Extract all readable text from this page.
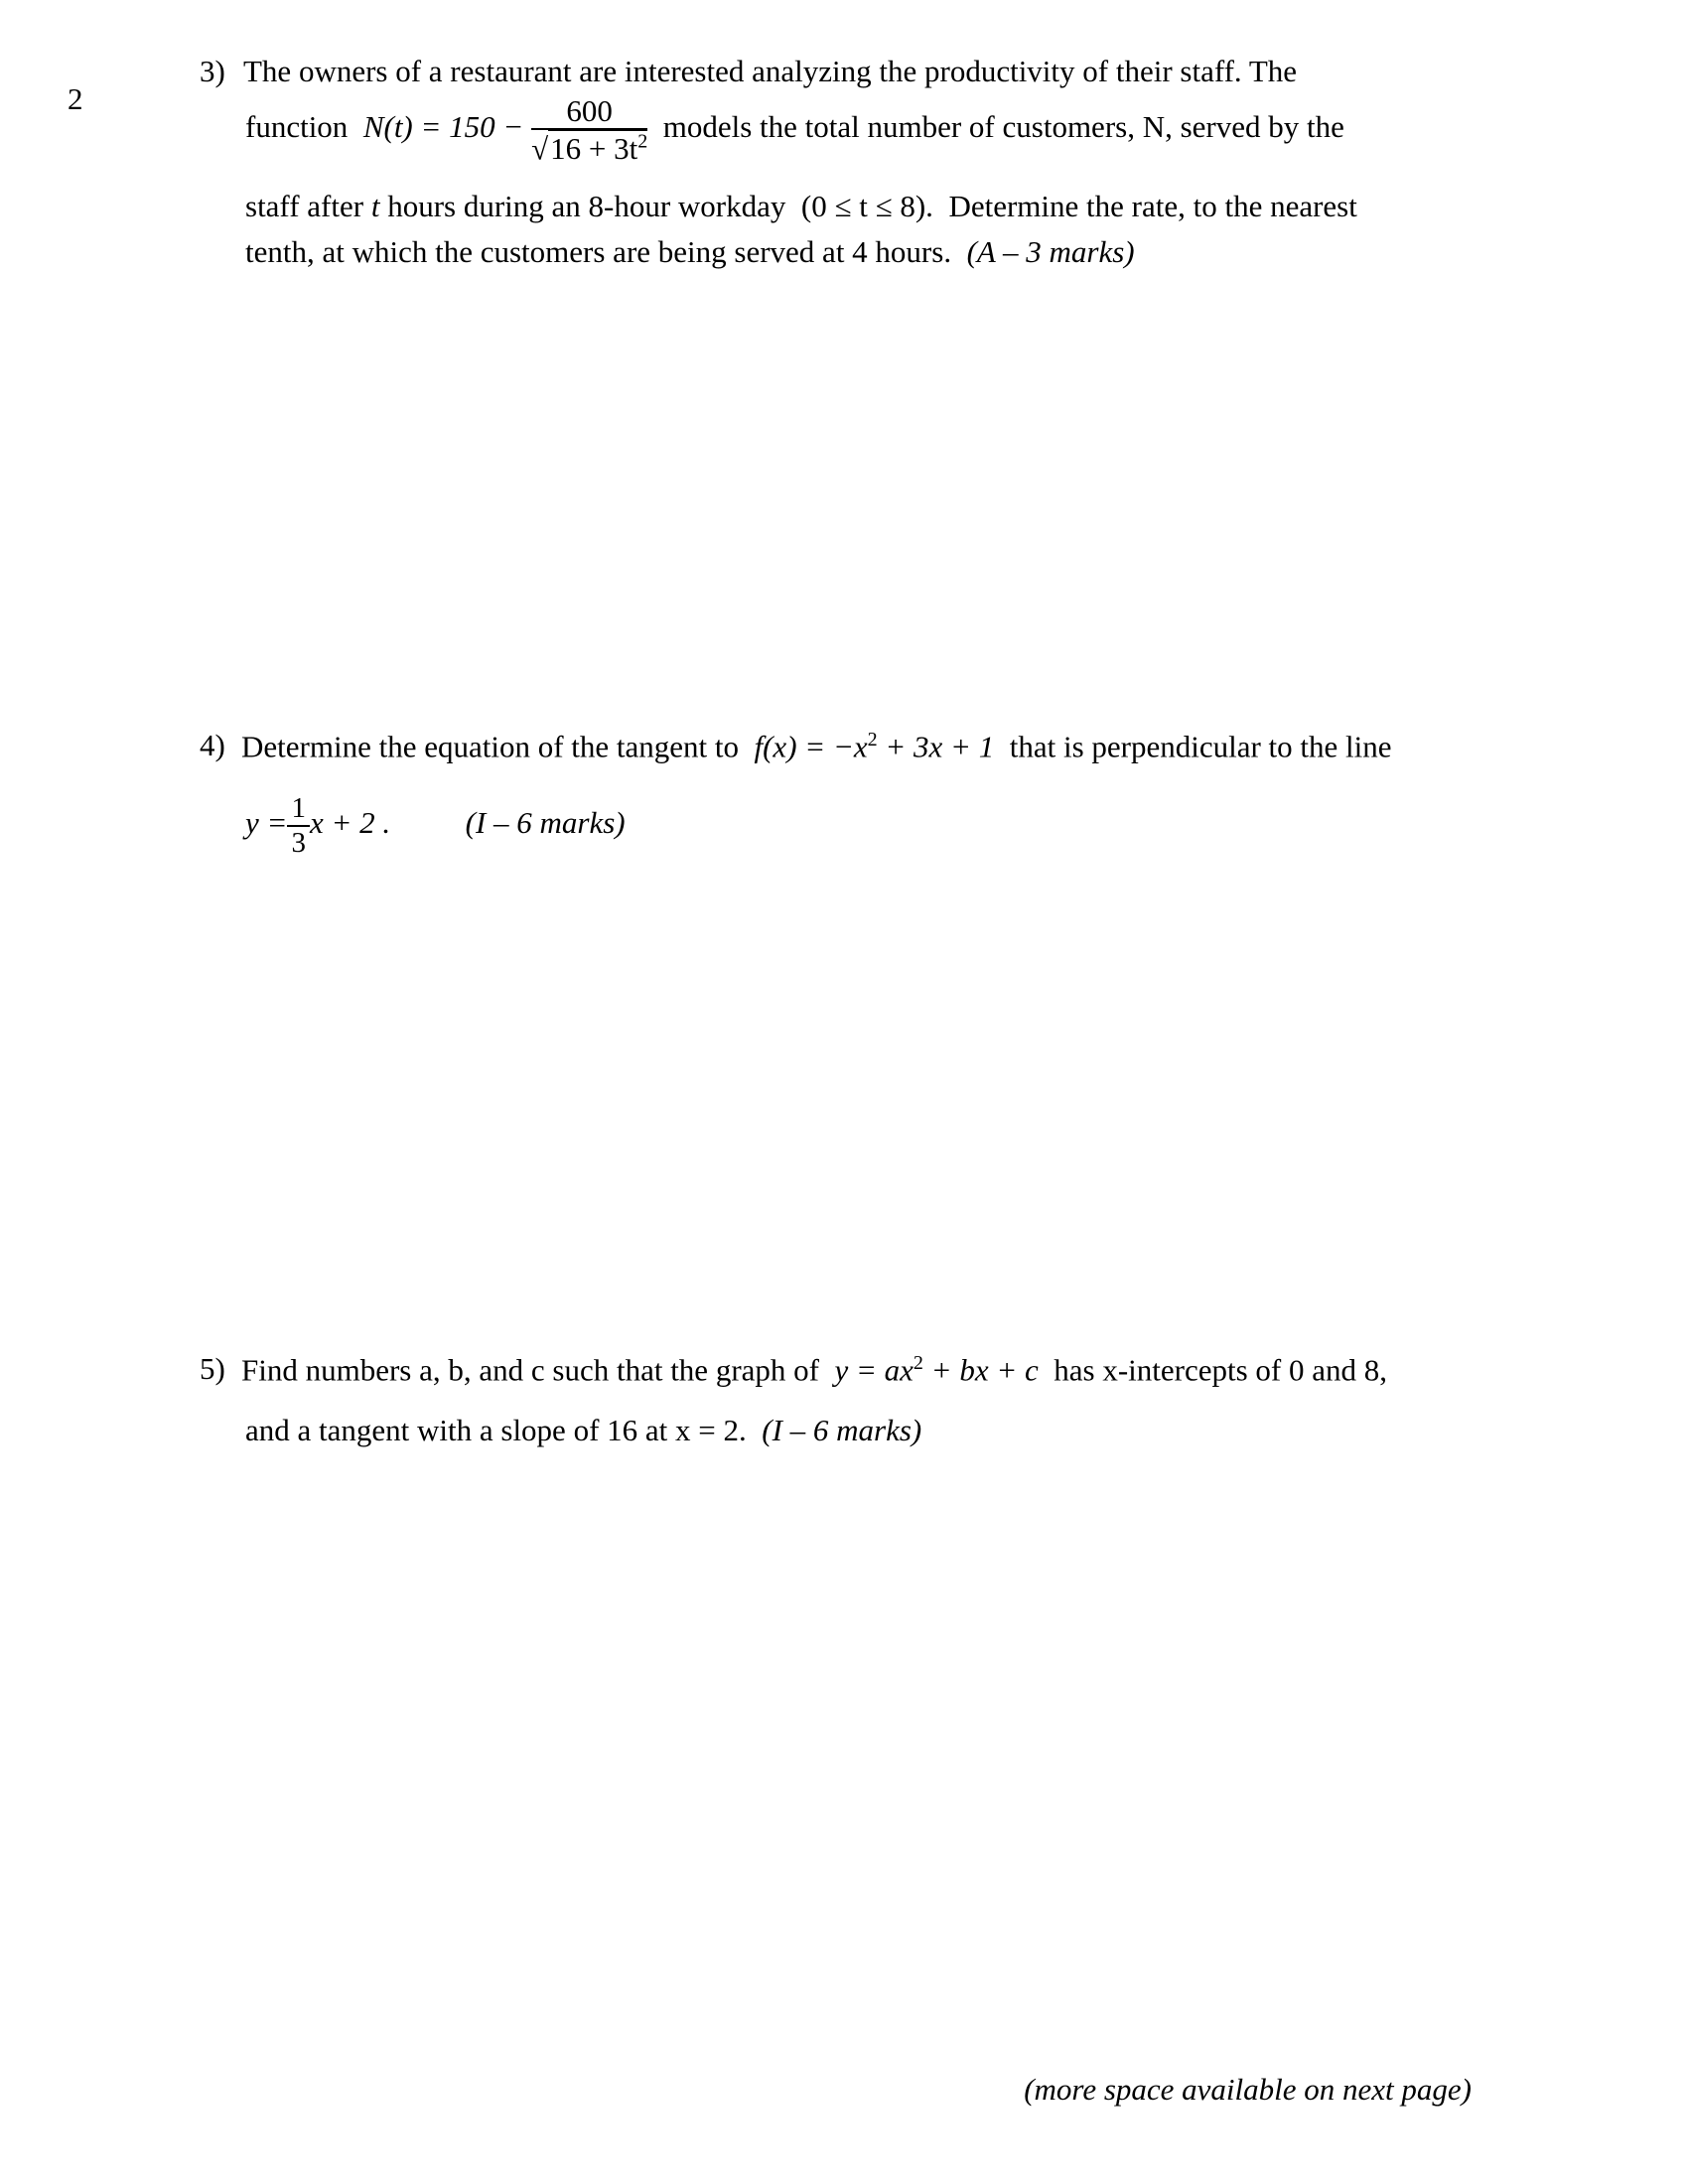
2
3) The owners of a restaurant are interested analyzing the productivity of their staff. The
function $N(t) = 150 - \frac{600}{√16 + 3t^2}$ models the total number of customers, N, served by the
staff after t hours during an 8-hour workday (0 ≤ t ≤ 8). Determine the rate, to the nearest
tenth, at which the customers are being served at 4 hours. (A – 3 marks)
4) Determine the equation of the tangent to $f(x) = -x^2 + 3x + 1$ that is perpendicular to the line
$y = \frac{1}{3}$ x + 2 . (I – 6 marks)
5) Find numbers a, b, and c such that the graph of $y = ax^2$ + bx + c has x-intercepts of 0 and 8,
and a tangent with a slope of 16 at x = 2. (I – 6 marks)
(more space available on next page)
